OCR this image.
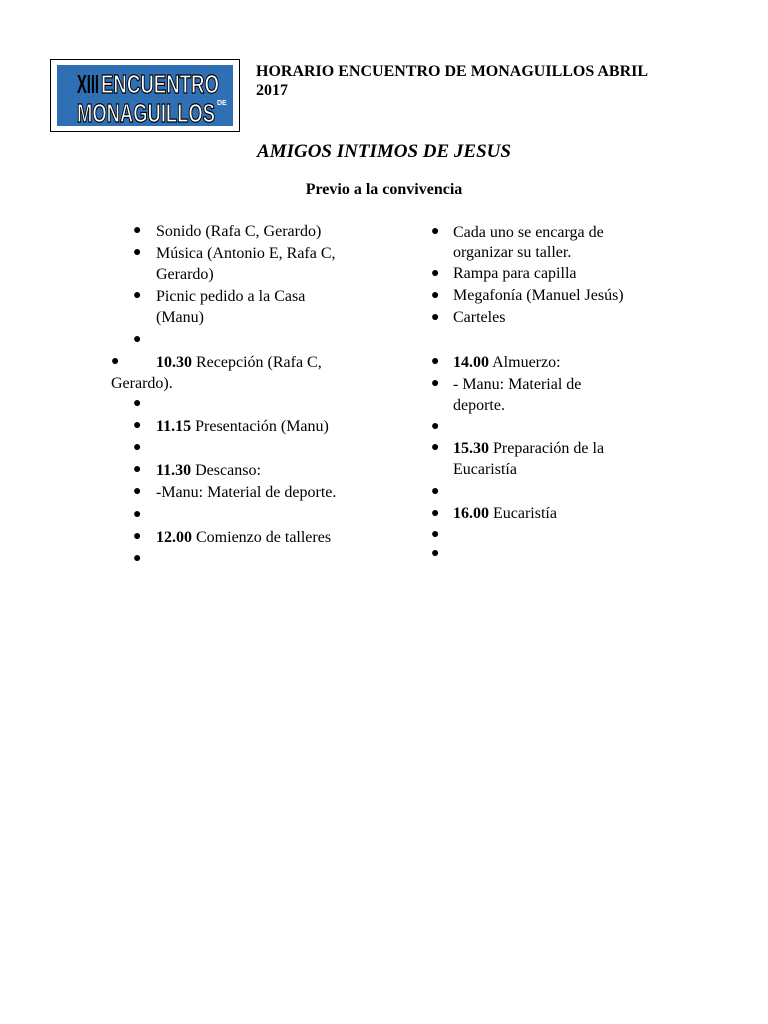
XIII ENCUENTRO
DE
MONAGUILLOS
HORARIO ENCUENTRO DE MONAGUILLOS ABRIL
2017
AMIGOS INTIMOS DE JESUS
Previo a la convivencia
● Sonido (Rafa C, Gerardo)
● Música (Antonio E, Rafa C,
Gerardo)
● Picnic pedido a la Casa
(Manu)
●
● 10.30 Recepción (Rafa C,
Gerardo).
●
● 11.15 Presentación (Manu)
●
● 11.30 Descanso:
● -Manu: Material de deporte.
●
● 12.00 Comienzo de talleres
●
● Cada uno se encarga de
organizar su taller.
● Rampa para capilla
● Megafonía (Manuel Jesús)
● Carteles
● 14.00 Almuerzo:
● - Manu: Material de
deporte.
●
● 15.30 Preparación de la
Eucaristía
●
● 16.00 Eucaristía
●
●
